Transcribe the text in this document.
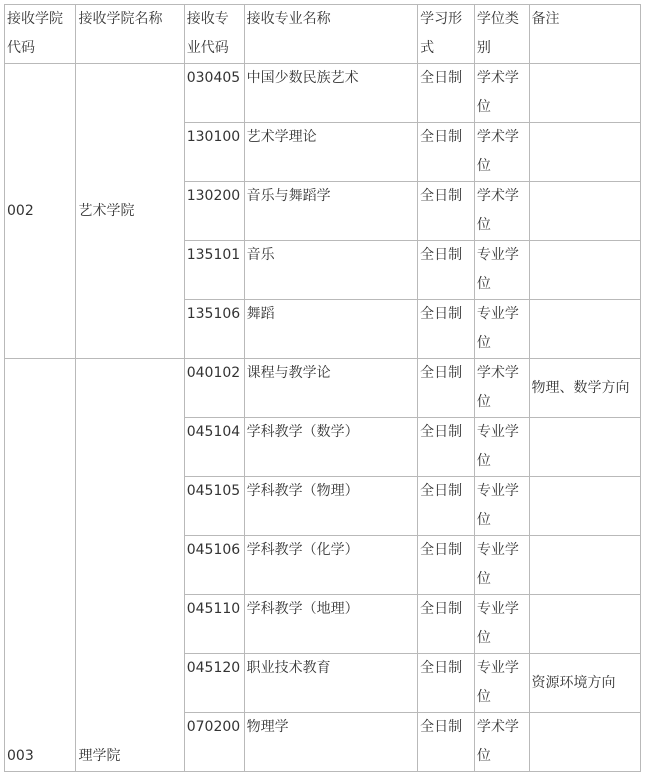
接收学院代码	接收学院名称	接收专业代码	接收专业名称	学习形式	学位类别	备注
002	艺术学院	030405	中国少数民族艺术	全日制	学术学位	
		130100	艺术学理论	全日制	学术学位	
		130200	音乐与舞蹈学	全日制	学术学位	
		135101	音乐	全日制	专业学位	
		135106	舞蹈	全日制	专业学位	
003	理学院	040102	课程与教学论	全日制	学术学位	物理、数学方向
		045104	学科教学（数学）	全日制	专业学位	
		045105	学科教学（物理）	全日制	专业学位	
		045106	学科教学（化学）	全日制	专业学位	
		045110	学科教学（地理）	全日制	专业学位	
		045120	职业技术教育	全日制	专业学位	资源环境方向
		070200	物理学	全日制	学术学位	
